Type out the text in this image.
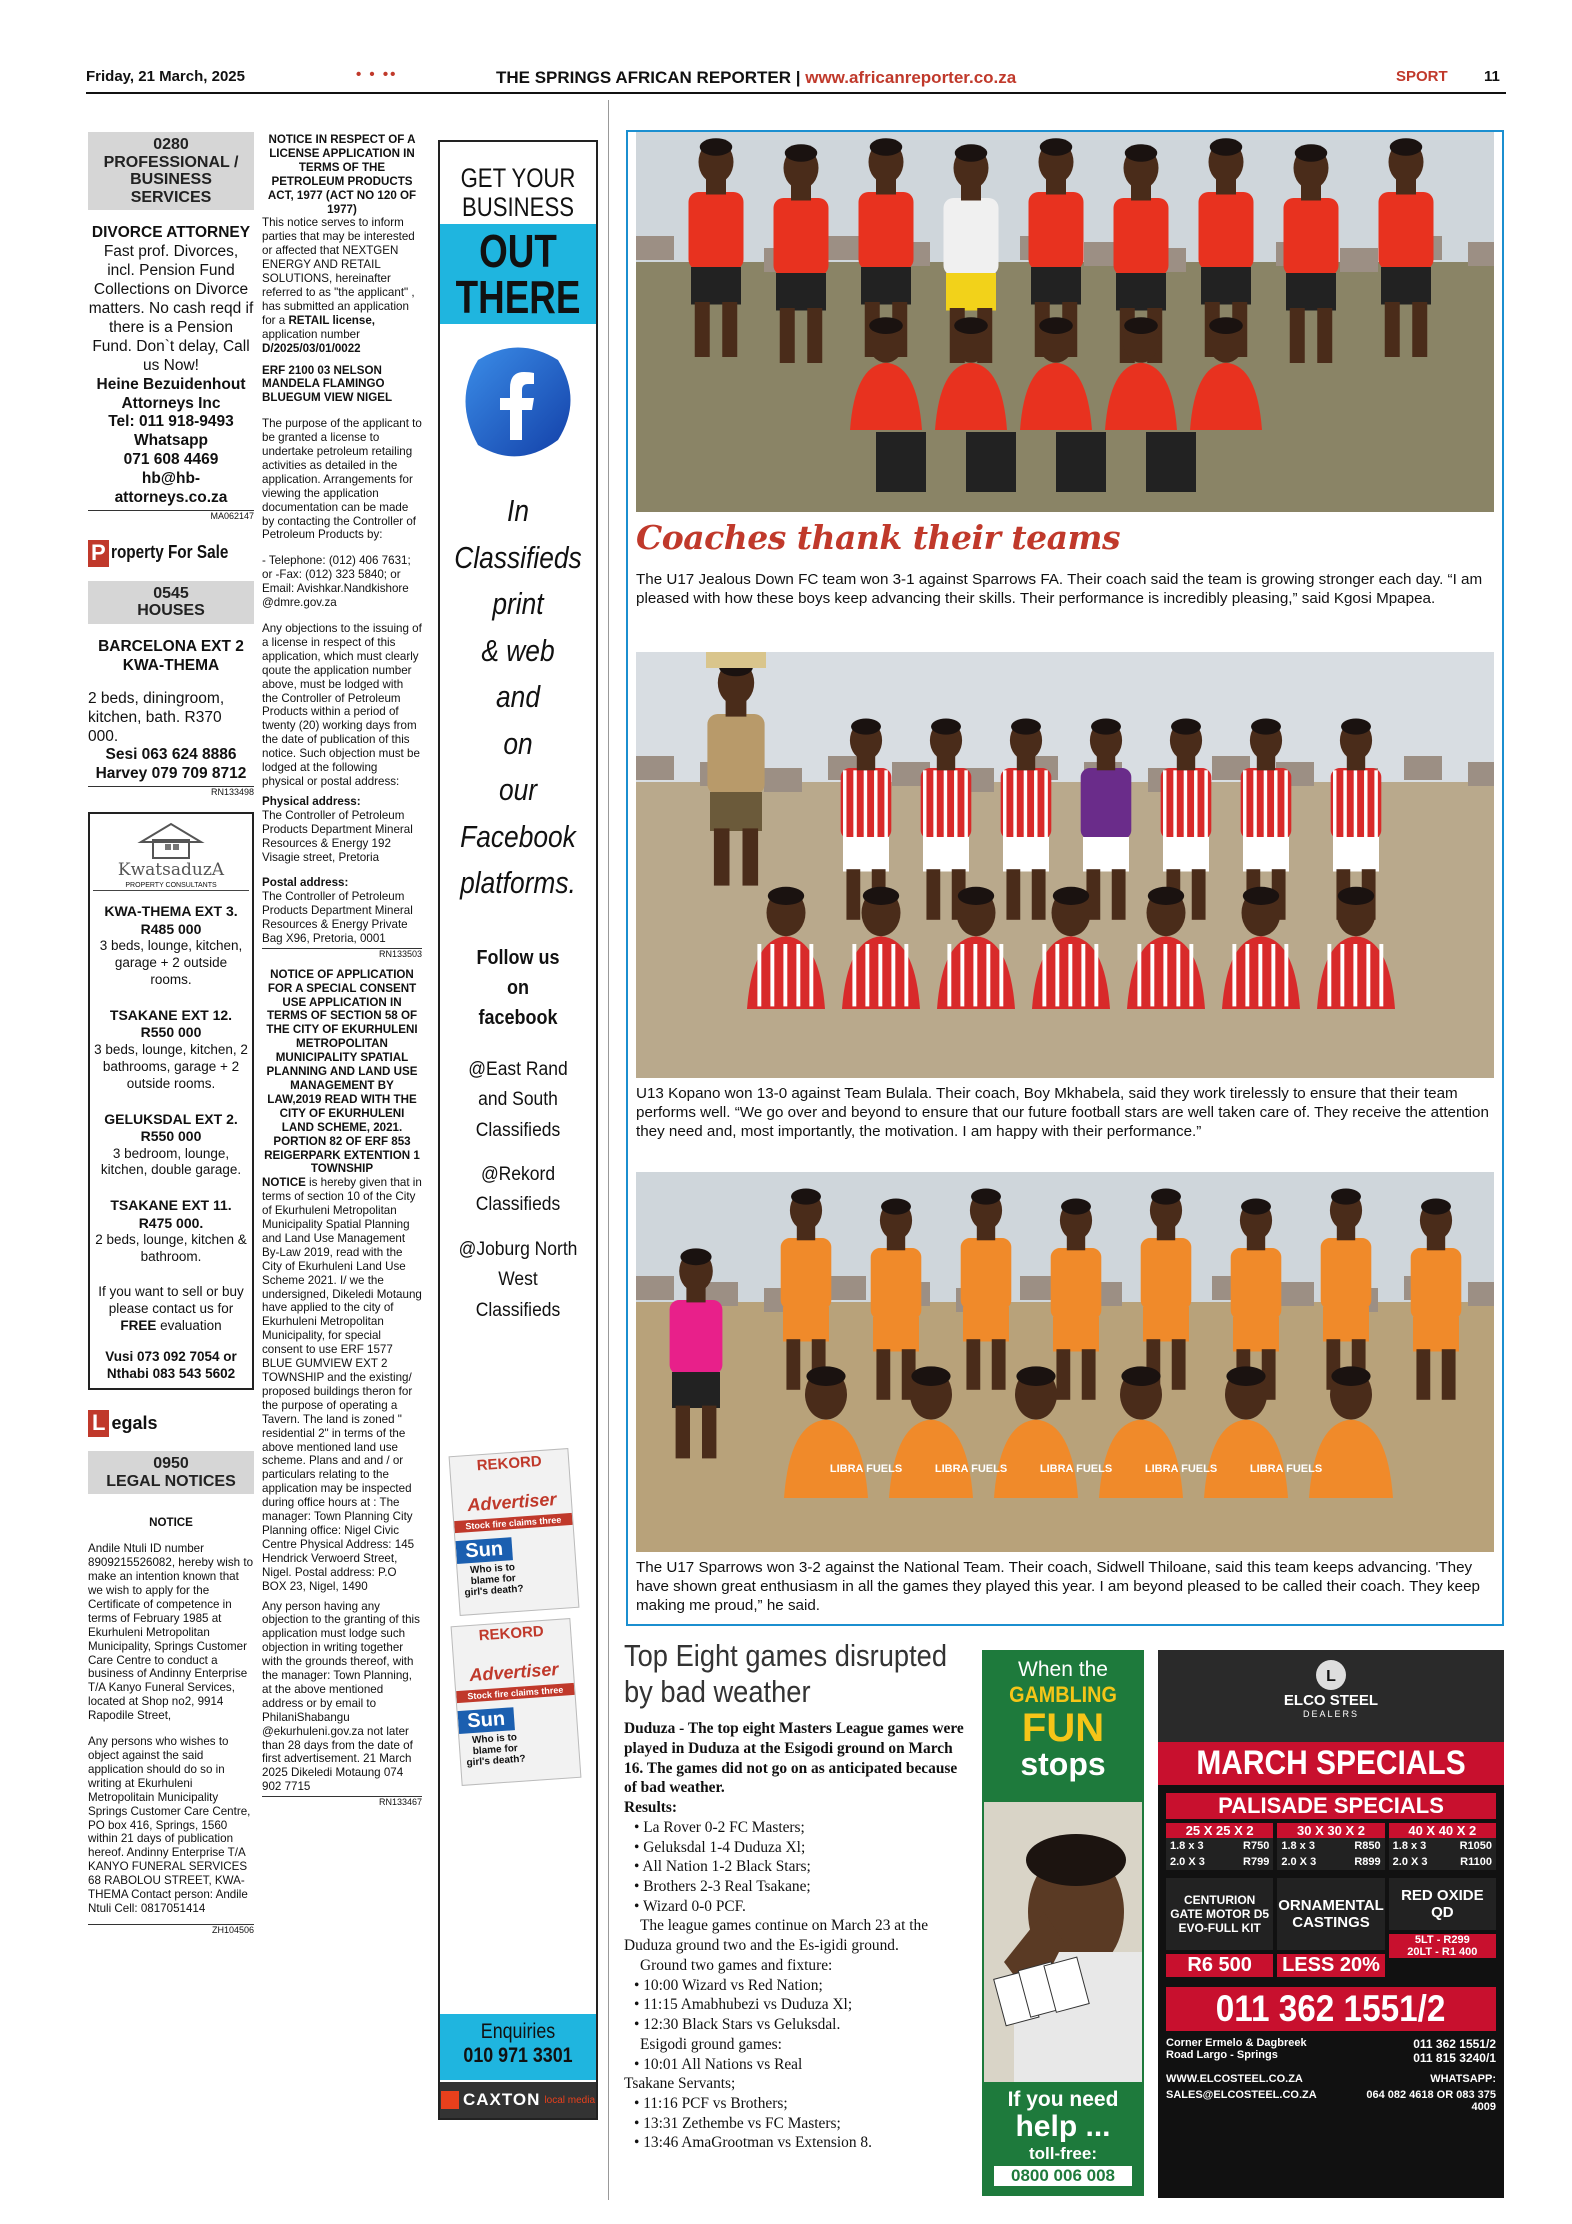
Friday, 21 March, 2025	• • ••	THE SPRINGS AFRICAN REPORTER | www.africanreporter.co.za	SPORT 11
0280
PROFESSIONAL /
BUSINESS SERVICES
DIVORCE ATTORNEY
Fast prof. Divorces, incl. Pension Fund Collections on Divorce matters. No cash reqd if there is a Pension Fund. Don`t delay, Call us Now!
Heine Bezuidenhout Attorneys Inc
Tel: 011 918-9493
Whatsapp
071 608 4469
hb@hb-attorneys.co.za
MA062147
P roperty For Sale
0545
HOUSES
BARCELONA EXT 2 KWA-THEMA
2 beds, diningroom, kitchen, bath. R370 000.
Sesi 063 624 8886
Harvey 079 709 8712
RN133498
KwatsaduzA
PROPERTY CONSULTANTS
KWA-THEMA EXT 3.
R485 000
3 beds, lounge, kitchen, garage + 2 outside rooms.
TSAKANE EXT 12.
R550 000
3 beds, lounge, kitchen, 2 bathrooms, garage + 2 outside rooms.
GELUKSDAL EXT 2.
R550 000
3 bedroom, lounge, kitchen, double garage.
TSAKANE EXT 11.
R475 000.
2 beds, lounge, kitchen & bathroom.
If you want to sell or buy please contact us for FREE evaluation
Vusi 073 092 7054 or Nthabi 083 543 5602
L egals
0950
LEGAL NOTICES
NOTICE
Andile Ntuli ID number 8909215526082, hereby wish to make an intention known that we wish to apply for the Certificate of competence in terms of February 1985 at Ekurhuleni Metropolitan Municipality, Springs Customer Care Centre to conduct a business of Andinny Enterprise T/A Kanyo Funeral Services, located at Shop no2, 9914 Rapodile Street,
Any persons who wishes to object against the said application should do so in writing at Ekurhuleni Metropolitain Municipality Springs Customer Care Centre, PO box 416, Springs, 1560 within 21 days of publication hereof. Andinny Enterprise T/A KANYO FUNERAL SERVICES 68 RABOLOU STREET, KWA- THEMA Contact person: Andile Ntuli Cell: 0817051414
ZH104506
NOTICE IN RESPECT OF A LICENSE APPLICATION IN TERMS OF THE PETROLEUM PRODUCTS ACT, 1977 (ACT NO 120 OF 1977)
This notice serves to inform parties that may be interested or affected that NEXTGEN ENERGY AND RETAIL SOLUTIONS, hereinafter referred to as "the applicant" , has submitted an application for a RETAIL license, application number
D/2025/03/01/0022
ERF 2100 03 NELSON MANDELA FLAMINGO BLUEGUM VIEW NIGEL
The purpose of the applicant to be granted a license to undertake petroleum retailing activities as detailed in the application. Arrangements for viewing the application documentation can be made by contacting the Controller of Petroleum Products by:
- Telephone: (012) 406 7631; or -Fax: (012) 323 5840; or Email: Avishkar.Nandkishore @dmre.gov.za
Any objections to the issuing of a license in respect of this application, which must clearly qoute the application number above, must be lodged with the Controller of Petroleum Products within a period of twenty (20) working days from the date of publication of this notice. Such objection must be lodged at the following physical or postal address:
Physical address:
The Controller of Petroleum Products Department Mineral Resources & Energy 192 Visagie street, Pretoria
Postal address:
The Controller of Petroleum Products Department Mineral Resources & Energy Private Bag X96, Pretoria, 0001
RN133503
NOTICE OF APPLICATION FOR A SPECIAL CONSENT USE APPLICATION IN TERMS OF SECTION 58 OF THE CITY OF EKURHULENI METROPOLITAN MUNICIPALITY SPATIAL PLANNING AND LAND USE MANAGEMENT BY LAW,2019 READ WITH THE CITY OF EKURHULENI LAND SCHEME, 2021. PORTION 82 OF ERF 853 REIGERPARK EXTENTION 1 TOWNSHIP
NOTICE is hereby given that in terms of section 10 of the City of Ekurhuleni Metropolitan Municipality Spatial Planning and Land Use Management By-Law 2019, read with the City of Ekurhuleni Land Use Scheme 2021. I/ we the undersigned, Dikeledi Motaung have applied to the city of Ekurhuleni Metropolitan Municipality, for special consent to use ERF 1577 BLUE GUMVIEW EXT 2 TOWNSHIP and the existing/ proposed buildings theron for the purpose of operating a Tavern. The land is zoned " residential 2" in terms of the above mentioned land use scheme. Plans and and / or particulars relating to the application may be inspected during office hours at : The manager: Town Planning City Planning office: Nigel Civic Centre Physical Address: 145 Hendrick Verwoerd Street, Nigel. Postal address: P.O BOX 23, Nigel, 1490
Any person having any objection to the granting of this application must lodge such objection in writing together with the grounds thereof, with the manager: Town Planning, at the above mentioned address or by email to PhilaniShabangu @ekurhuleni.gov.za not later than 28 days from the date of first advertisement. 21 March 2025 Dikeledi Motaung 074 902 7715
RN133467
GET YOUR
BUSINESS
OUT
THERE
In
Classifieds
print
& web
and
on
our
Facebook
platforms.
Follow us on facebook
@East Rand and South Classifieds
@Rekord Classifieds
@Joburg North West Classifieds
REKORD
Advertiser
Stock fire claims three
Sun
Who is to blame for girl's death?
REKORD
Advertiser
Stock fire claims three
Sun
Who is to blame for girl's death?
Enquiries
010 971 3301
CAXTON local media
Coaches thank their teams
The U17 Jealous Down FC team won 3-1 against Sparrows FA. Their coach said the team is growing stronger each day. “I am pleased with how these boys keep advancing their skills. Their performance is incredibly pleasing,” said Kgosi Mpapea.
U13 Kopano won 13-0 against Team Bulala. Their coach, Boy Mkhabela, said they work tirelessly to ensure that their team performs well. “We go over and beyond to ensure that our future football stars are well taken care of. They receive the attention they need and, most importantly, the motivation. I am happy with their performance.”
LIBRA FUELS	LIBRA FUELS	LIBRA FUELS	LIBRA FUELS	LIBRA FUELS
The U17 Sparrows won 3-2 against the National Team. Their coach, Sidwell Thiloane, said this team keeps advancing. 'They have shown great enthusiasm in all the games they played this year. I am beyond pleased to be called their coach. They keep making me proud,” he said.
Top Eight games disrupted by bad weather
Duduza - The top eight Masters League games were played in Duduza at the Esigodi ground on March 16. The games did not go on as anticipated because of bad weather.
Results:
• La Rover 0-2 FC Masters;
• Geluksdal 1-4 Duduza Xl;
• All Nation 1-2 Black Stars;
• Brothers 2-3 Real Tsakane;
• Wizard 0-0 PCF.
The league games continue on March 23 at the Duduza ground two and the Es-igidi ground.
Ground two games and fixture:
• 10:00 Wizard vs Red Nation;
• 11:15 Amabhubezi vs Duduza Xl;
• 12:30 Black Stars vs Geluksdal.
Esigodi ground games:
• 10:01 All Nations vs Real
Tsakane Servants;
• 11:16 PCF vs Brothers;
• 13:31 Zethembe vs FC Masters;
• 13:46 AmaGrootman vs Extension 8.
When the
GAMBLING
FUN
stops
If you need
help ...
toll-free:
0800 006 008
L
ELCO STEEL
DEALERS
MARCH SPECIALS
PALISADE SPECIALS
25 X 25 X 2
1.8 x 3	R750
2.0 X 3	R799
30 X 30 X 2
1.8 x 3	R850
2.0 X 3	R899
40 X 40 X 2
1.8 x 3	R1050
2.0 X 3	R1100
CENTURION GATE MOTOR D5 EVO-FULL KIT
R6 500
ORNAMENTAL CASTINGS
LESS 20%
RED OXIDE QD
5LT - R299
20LT - R1 400
011 362 1551/2
Corner Ermelo & Dagbreek
Road Largo - Springs
011 362 1551/2
011 815 3240/1
WWW.ELCOSTEEL.CO.ZA	WHATSAPP:
SALES@ELCOSTEEL.CO.ZA	064 082 4618 OR 083 375 4009
